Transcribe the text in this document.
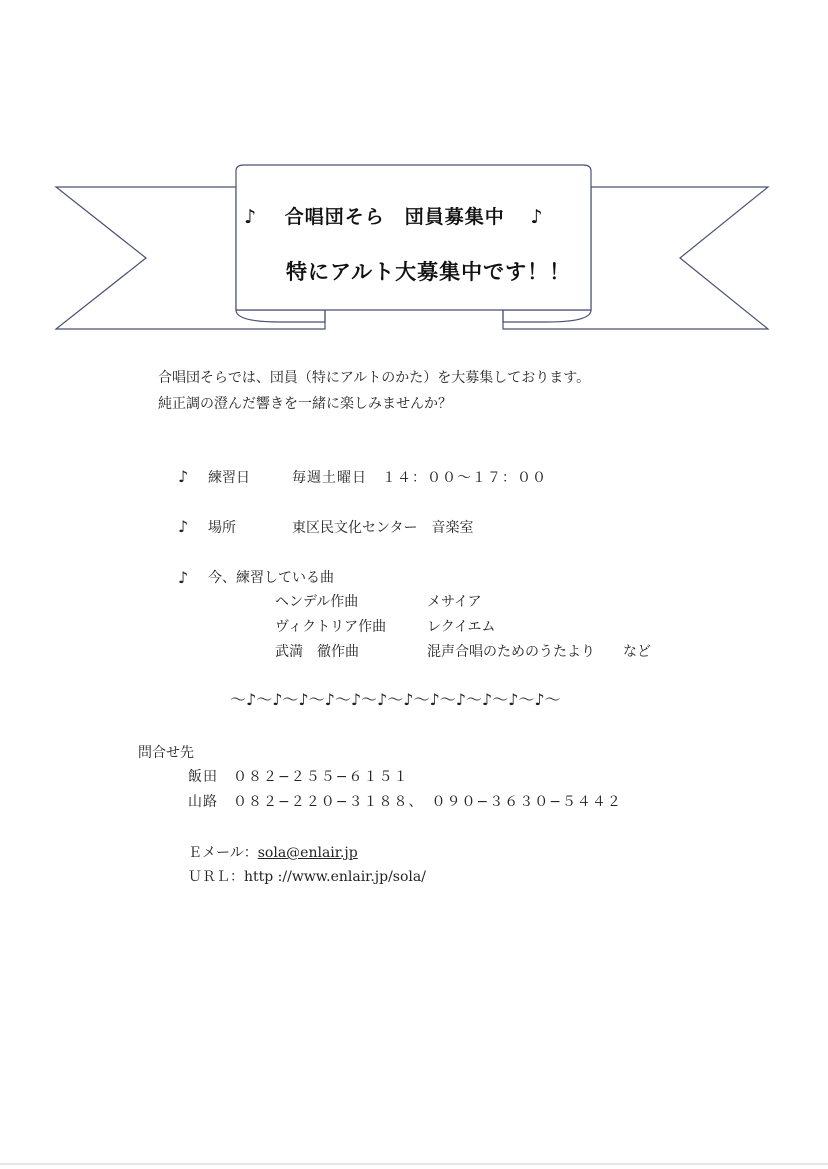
♪ 合唱団そら　団員募集中 ♪
特にアルト大募集中です！！
合唱団そらでは、団員（特にアルトのかた）を大募集しております。
純正調の澄んだ響きを一緒に楽しみませんか？
♪ 練習日	毎週土曜日　１４：００〜１７：００
♪ 場所	東区民文化センター　音楽室
♪ 今、練習している曲
ヘンデル作曲	メサイア
ヴィクトリア作曲	レクイエム
武満　徹作曲	混声合唱のためのうたより　　など
〜♪〜♪〜♪〜♪〜♪〜♪〜♪〜♪〜♪〜♪〜♪〜♪〜
問合せ先
飯田　０８２−２５５−６１５１
山路　０８２−２２０−３１８８、　０９０−３６３０−５４４２
Ｅメール：sola@enlair.jp
ＵＲＬ：http ://www.enlair.jp/sola/
